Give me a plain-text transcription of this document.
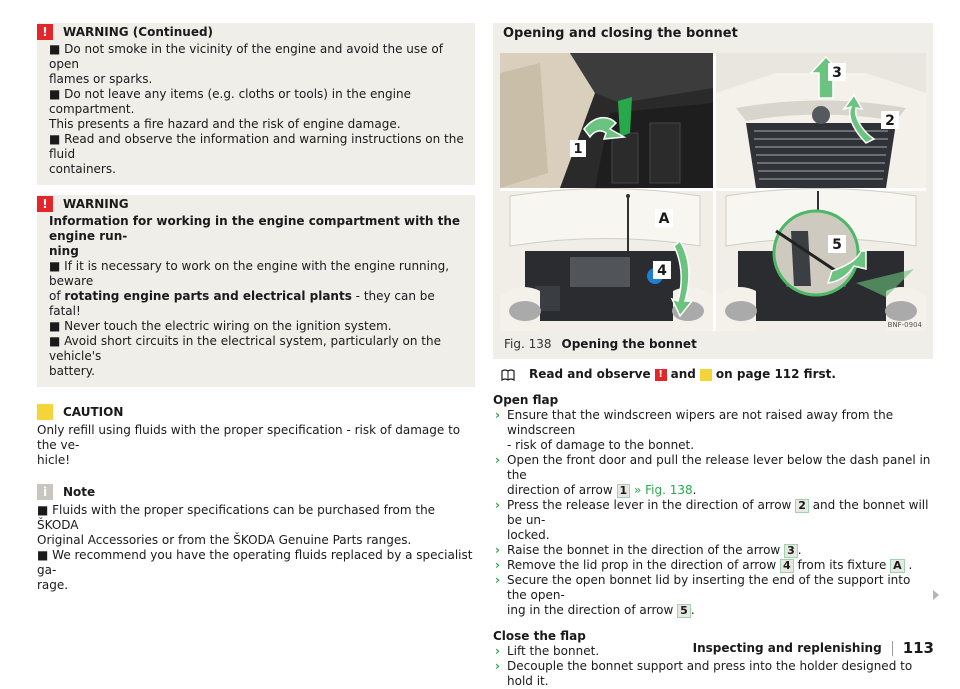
!	WARNING (Continued)

■ Do not smoke in the vicinity of the engine and avoid the use of open

flames or sparks.

■ Do not leave any items (e.g. cloths or tools) in the engine compartment.

This presents a fire hazard and the risk of engine damage.

■ Read and observe the information and warning instructions on the fluid

containers.

!	WARNING

Information for working in the engine compartment with the engine run-

ning

■ If it is necessary to work on the engine with the engine running, beware

of rotating engine parts and electrical plants - they can be fatal!

■ Never touch the electric wiring on the ignition system.

■ Avoid short circuits in the electrical system, particularly on the vehicle's

battery.

CAUTION

Only refill using fluids with the proper specification - risk of damage to the ve-

hicle!

i	Note

■ Fluids with the proper specifications can be purchased from the ŠKODA

Original Accessories or from the ŠKODA Genuine Parts ranges.

■ We recommend you have the operating fluids replaced by a specialist ga-

rage.

Opening and closing the bonnet
1
3
2
A
4
5
BNF-0904
Fig. 138 Opening the bonnet
Read and observe ! and on page 112 first.
Open flap
› Ensure that the windscreen wipers are not raised away from the windscreen

- risk of damage to the bonnet.

› Open the front door and pull the release lever below the dash panel in the

direction of arrow 1 » Fig. 138.

› Press the release lever in the direction of arrow 2 and the bonnet will be un-

locked.

› Raise the bonnet in the direction of the arrow 3 .

› Remove the lid prop in the direction of arrow 4 from its fixture A .

› Secure the open bonnet lid by inserting the end of the support into the open-

ing in the direction of arrow 5 .

Close the flap
› Lift the bonnet.

› Decouple the bonnet support and press into the holder designed to hold it.

Inspecting and replenishing	113
